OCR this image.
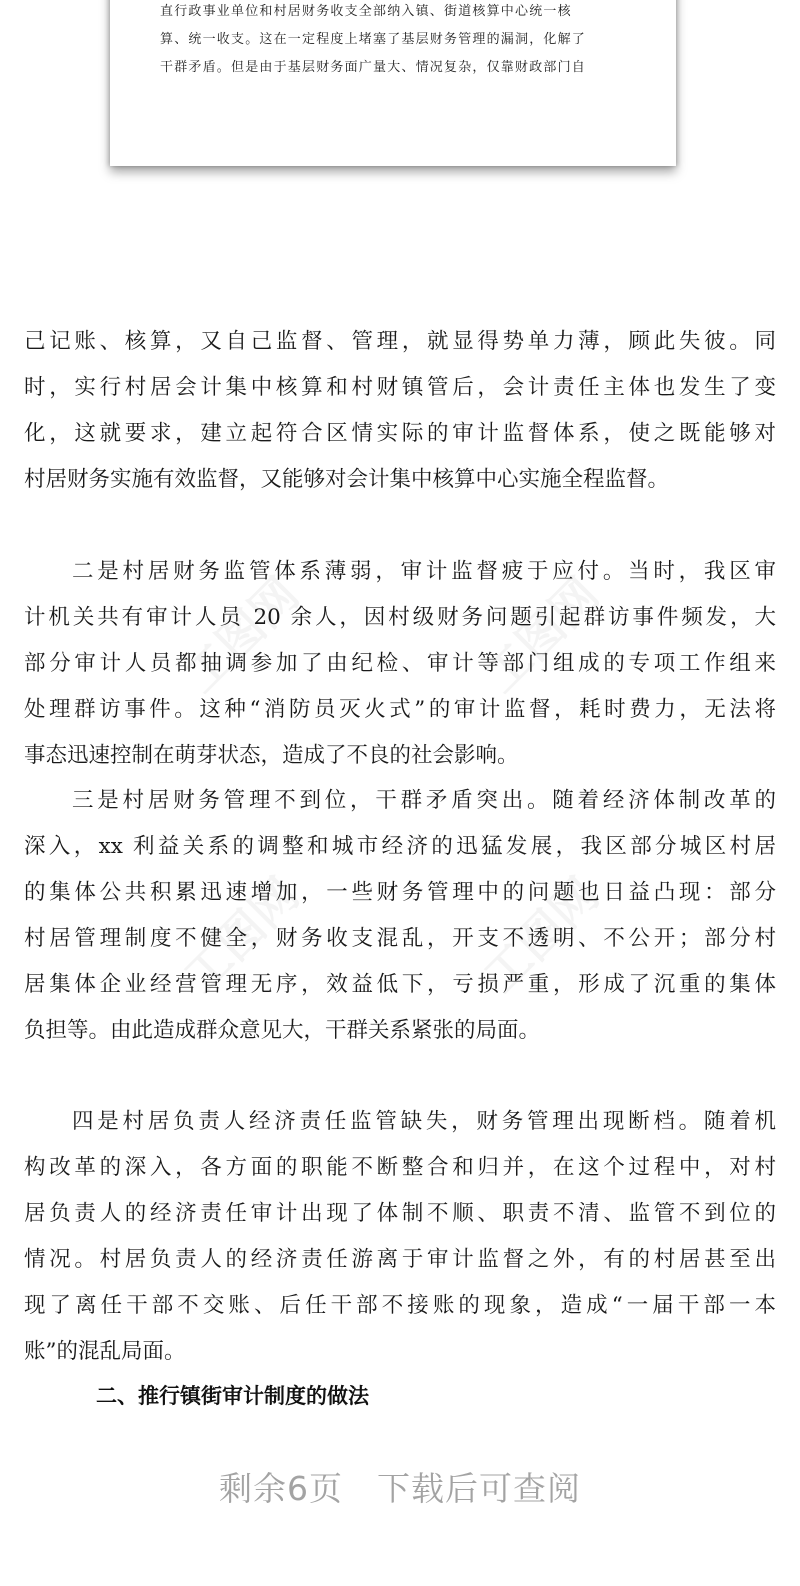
直行政事业单位和村居财务收支全部纳入镇、街道核算中心统一核
算、统一收支。这在一定程度上堵塞了基层财务管理的漏洞，化解了
干群矛盾。但是由于基层财务面广量大、情况复杂，仅靠财政部门自
己记账、核算，又自己监督、管理，就显得势单力薄，顾此失彼。同
时，实行村居会计集中核算和村财镇管后，会计责任主体也发生了变
化，这就要求，建立起符合区情实际的审计监督体系，使之既能够对
村居财务实施有效监督，又能够对会计集中核算中心实施全程监督。
二是村居财务监管体系薄弱，审计监督疲于应付。当时，我区审
计机关共有审计人员 20 余人，因村级财务问题引起群访事件频发，大
部分审计人员都抽调参加了由纪检、审计等部门组成的专项工作组来
处理群访事件。这种“消防员灭火式”的审计监督，耗时费力，无法将
事态迅速控制在萌芽状态，造成了不良的社会影响。
三是村居财务管理不到位，干群矛盾突出。随着经济体制改革的
深入，xx 利益关系的调整和城市经济的迅猛发展，我区部分城区村居
的集体公共积累迅速增加，一些财务管理中的问题也日益凸现：部分
村居管理制度不健全，财务收支混乱，开支不透明、不公开；部分村
居集体企业经营管理无序，效益低下，亏损严重，形成了沉重的集体
负担等。由此造成群众意见大，干群关系紧张的局面。
四是村居负责人经济责任监管缺失，财务管理出现断档。随着机
构改革的深入，各方面的职能不断整合和归并，在这个过程中，对村
居负责人的经济责任审计出现了体制不顺、职责不清、监管不到位的
情况。村居负责人的经济责任游离于审计监督之外，有的村居甚至出
现了离任干部不交账、后任干部不接账的现象，造成“一届干部一本
账”的混乱局面。
二、推行镇街审计制度的做法
剩余6页 下载后可查阅
